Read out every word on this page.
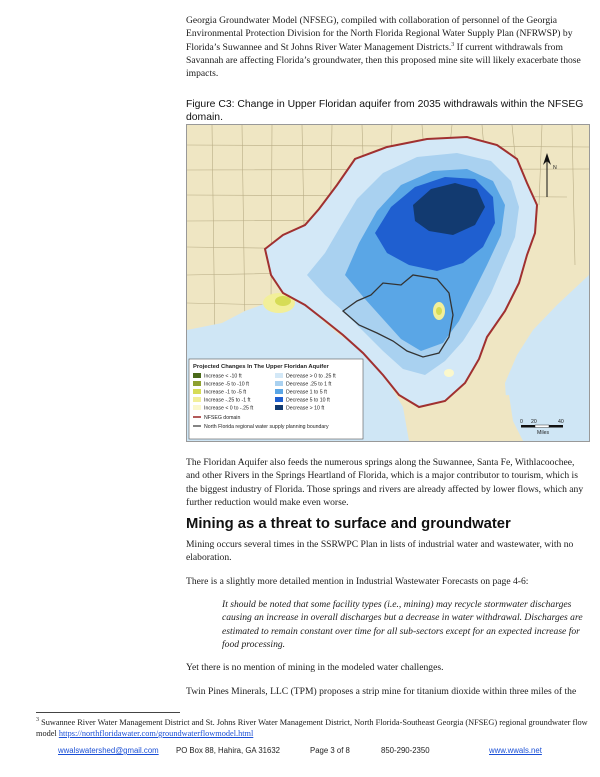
Georgia Groundwater Model (NFSEG), compiled with collaboration of personnel of the Georgia Environmental Protection Division for the North Florida Regional Water Supply Plan (NFRWSP) by Florida’s Suwannee and St Johns River Water Management Districts.$^3$ If current withdrawals from Savannah are affecting Florida’s groundwater, then this proposed mine site will likely exacerbate those impacts.

Figure C3: Change in Upper Floridan aquifer from 2035 withdrawals within the NFSEG domain.

N
0 20	40
Miles
Projected Changes In The Upper Floridan Aquifer
Increase < -10 ft
Increase -5 to -10 ft
Increase -1 to -5 ft
Increase -.25 to -1 ft
Increase < 0 to -.25 ft
Decrease > 0 to .25 ft
Decrease .25 to 1 ft
Decrease 1 to 5 ft
Decrease 5 to 10 ft
Decrease > 10 ft
NFSEG domain
North Florida regional water supply planning boundary

The Floridan Aquifer also feeds the numerous springs along the Suwannee, Santa Fe, Withlacoochee, and other Rivers in the Springs Heartland of Florida, which is a major contributor to tourism, which is the biggest industry of Florida. Those springs and rivers are already affected by lower flows, which any further reduction would make even worse.

Mining as a threat to surface and groundwater

Mining occurs several times in the SSRWPC Plan in lists of industrial water and wastewater, with no elaboration.

There is a slightly more detailed mention in Industrial Wastewater Forecasts on page 4-6:

It should be noted that some facility types (i.e., mining) may recycle stormwater discharges causing an increase in overall discharges but a decrease in water withdrawal. Discharges are estimated to remain constant over time for all sub-sectors except for an expected increase for food processing.

Yet there is no mention of mining in the modeled water challenges.

Twin Pines Minerals, LLC (TPM) proposes a strip mine for titanium dioxide within three miles of the

$^3$ Suwannee River Water Management District and St. Johns River Water Management District, North Florida-Southeast Georgia (NFSEG) regional groundwater flow model https://northfloridawater.com/groundwaterflowmodel.html

wwalswatershed@gmail.com PO Box 88, Hahira, GA 31632	Page 3 of 8	850-290-2350	www.wwals.net
